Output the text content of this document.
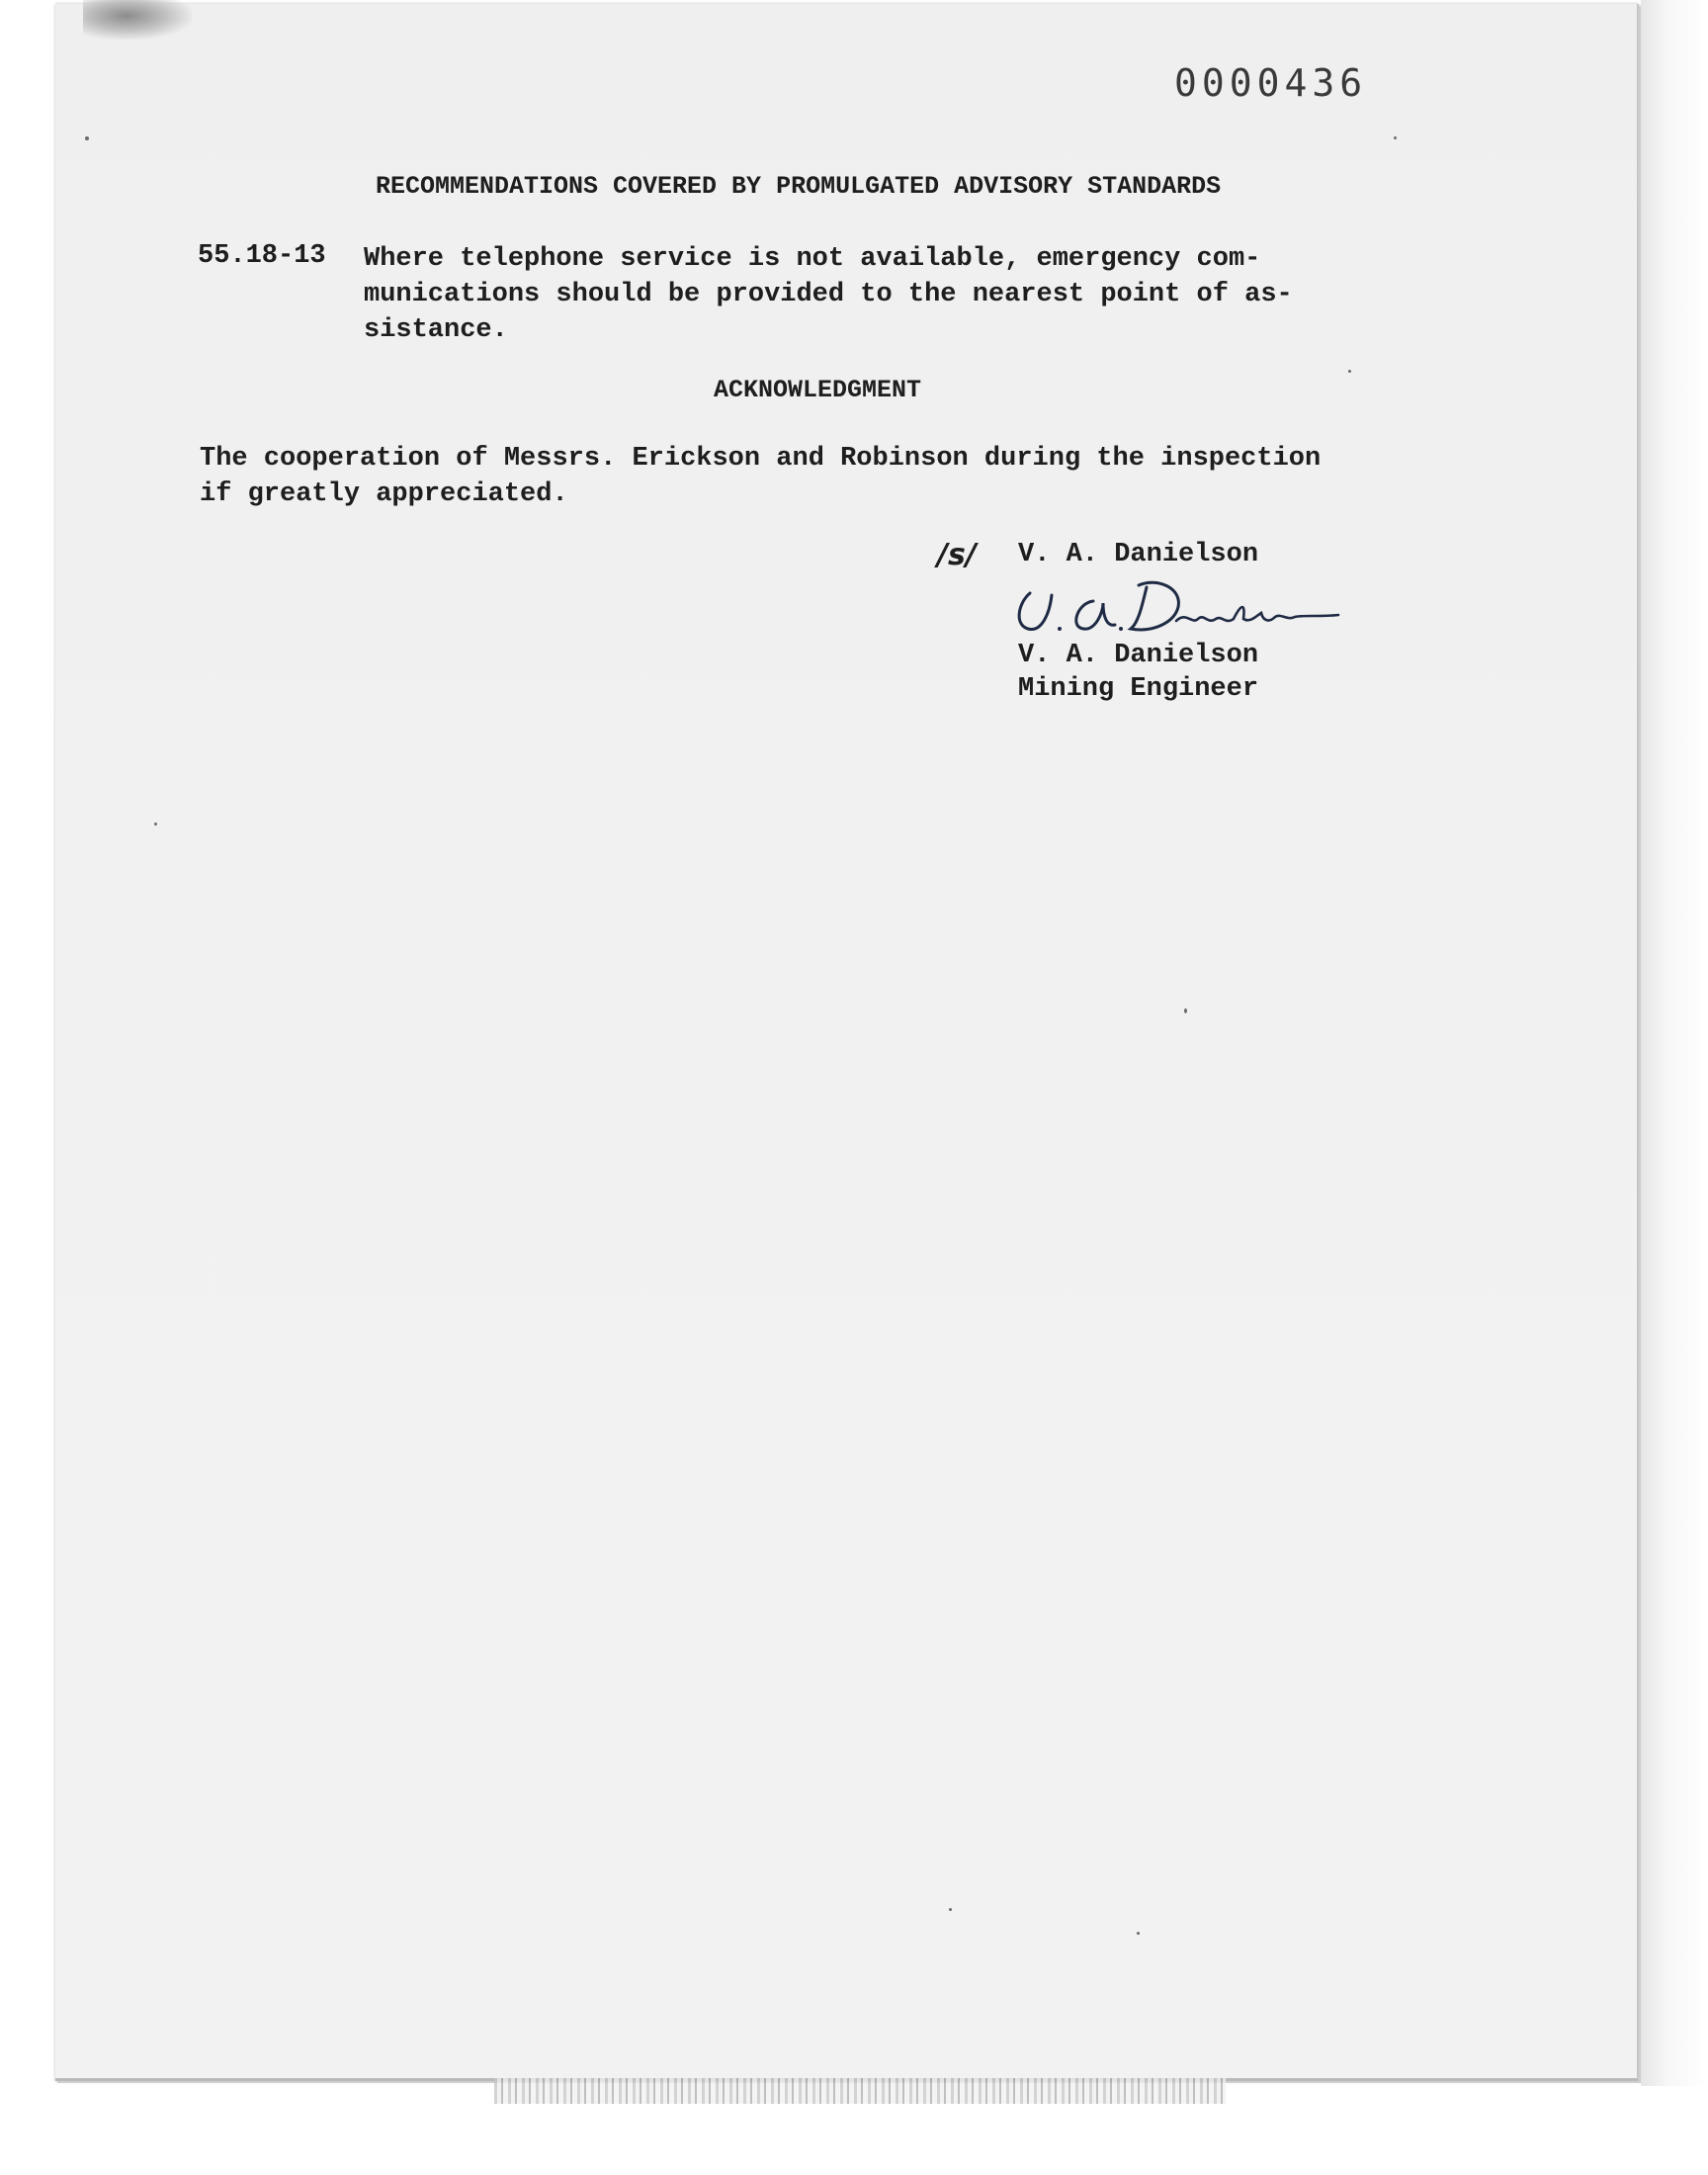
0000436
RECOMMENDATIONS COVERED BY PROMULGATED ADVISORY STANDARDS
55.18-13 Where telephone service is not available, emergency com-
munications should be provided to the nearest point of as-
sistance.

ACKNOWLEDGMENT

The cooperation of Messrs. Erickson and Robinson during the inspection
if greatly appreciated.

/s/ V. A. Danielson
V. A. Danielson
Mining Engineer
